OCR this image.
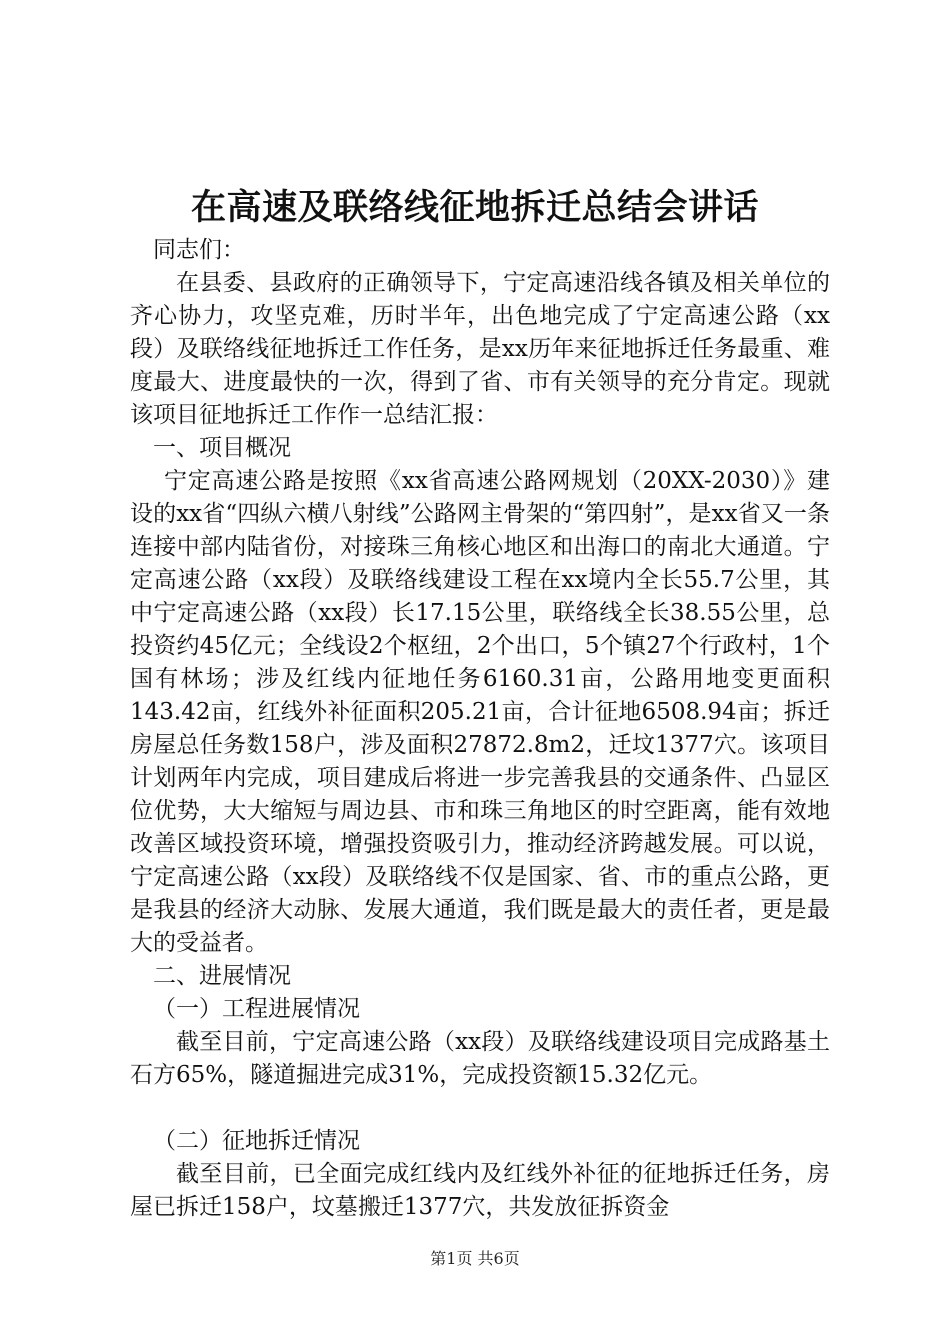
在高速及联络线征地拆迁总结会讲话

同志们：

在县委、县政府的正确领导下，宁定高速沿线各镇及相关单位的齐心协力，攻坚克难，历时半年，出色地完成了宁定高速公路（xx段）及联络线征地拆迁工作任务，是xx历年来征地拆迁任务最重、难度最大、进度最快的一次，得到了省、市有关领导的充分肯定。现就该项目征地拆迁工作作一总结汇报：

一、项目概况

宁定高速公路是按照《xx省高速公路网规划（20XX-2030）》建设的xx省“四纵六横八射线”公路网主骨架的“第四射”，是xx省又一条连接中部内陆省份，对接珠三角核心地区和出海口的南北大通道。宁定高速公路（xx段）及联络线建设工程在xx境内全长55.7公里，其中宁定高速公路（xx段）长17.15公里，联络线全长38.55公里，总投资约45亿元；全线设2个枢纽，2个出口，5个镇27个行政村，1个国有林场；涉及红线内征地任务6160.31亩，公路用地变更面积143.42亩，红线外补征面积205.21亩，合计征地6508.94亩；拆迁房屋总任务数158户，涉及面积27872.8m2，迁坟1377穴。该项目计划两年内完成，项目建成后将进一步完善我县的交通条件、凸显区位优势，大大缩短与周边县、市和珠三角地区的时空距离，能有效地改善区域投资环境，增强投资吸引力，推动经济跨越发展。可以说，宁定高速公路（xx段）及联络线不仅是国家、省、市的重点公路，更是我县的经济大动脉、发展大通道，我们既是最大的责任者，更是最大的受益者。

二、进展情况

（一）工程进展情况

截至目前，宁定高速公路（xx段）及联络线建设项目完成路基土石方65%，隧道掘进完成31%，完成投资额15.32亿元。

（二）征地拆迁情况

截至目前，已全面完成红线内及红线外补征的征地拆迁任务，房屋已拆迁158户，坟墓搬迁1377穴，共发放征拆资金

第1页 共6页
